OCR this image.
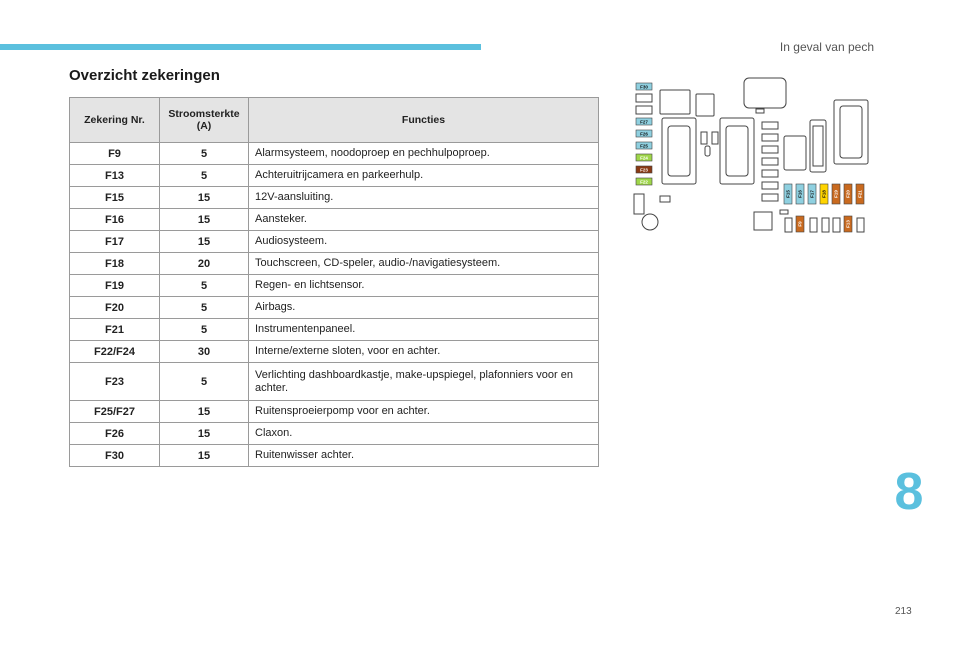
In geval van pech
Overzicht zekeringen
Zekering Nr.	Stroomsterkte (A)	Functies
F9	5	Alarmsysteem, noodoproep en pechhulpoproep.
F13	5	Achteruitrijcamera en parkeerhulp.
F15	15	12V-aansluiting.
F16	15	Aansteker.
F17	15	Audiosysteem.
F18	20	Touchscreen, CD-speler, audio-/navigatiesysteem.
F19	5	Regen- en lichtsensor.
F20	5	Airbags.
F21	5	Instrumentenpaneel.
F22/F24	30	Interne/externe sloten, voor en achter.
F23	5	Verlichting dashboardkastje, make-upspiegel, plafonniers voor en achter.
F25/F27	15	Ruitensproeierpomp voor en achter.
F26	15	Claxon.
F30	15	Ruitenwisser achter.
F30
F27
F26
F25
F24
F23
F22
F15 F16 F17 F18 F19 F20 F21
F9	F13
8
213
